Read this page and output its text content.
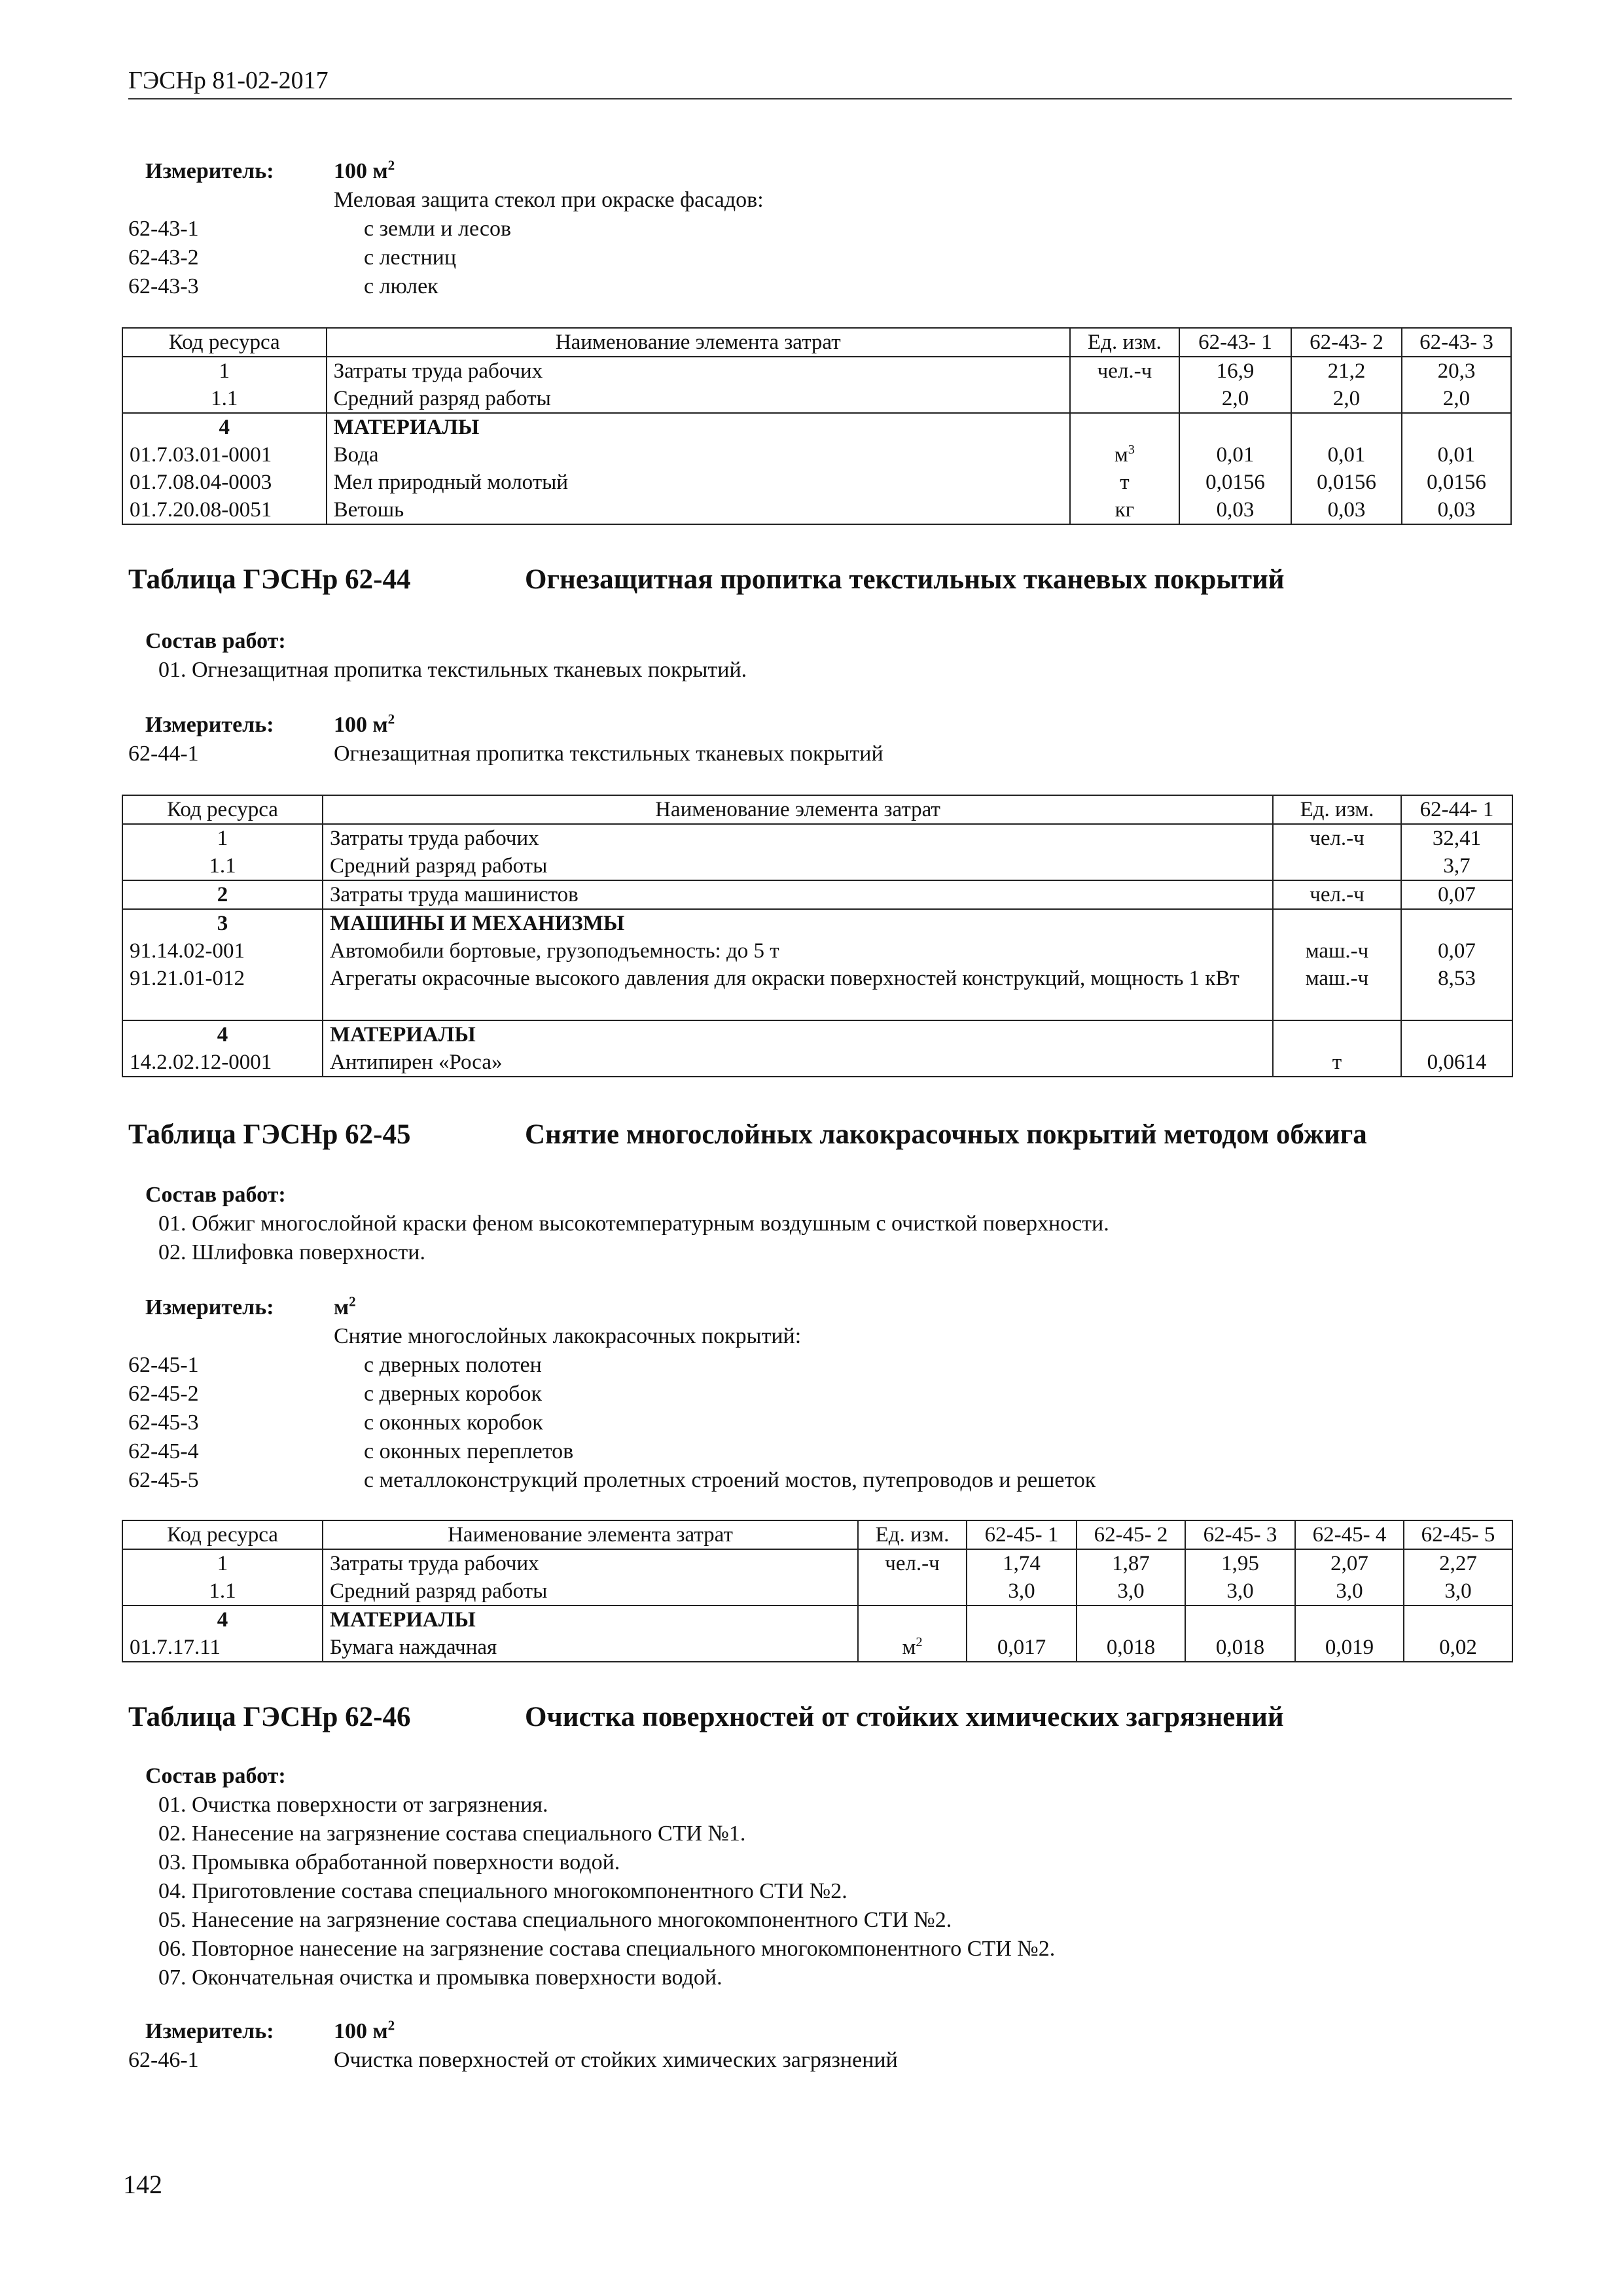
ГЭСНр 81-02-2017
Измеритель:	100 $м^2$
Меловая защита стекол при окраске фасадов:
62-43-1	с земли и лесов
62-43-2	с лестниц
62-43-3	с люлек
Код ресурса	Наименование элемента затрат	Ед. изм.	62-43- 1	62-43- 2	62-43- 3
1	Затраты труда рабочих	чел.-ч	16,9	21,2	20,3
1.1	Средний разряд работы		2,0	2,0	2,0
4	МАТЕРИАЛЫ				
01.7.03.01-0001	Вода	$м^3$	0,01	0,01	0,01
01.7.08.04-0003	Мел природный молотый	т	0,0156	0,0156	0,0156
01.7.20.08-0051	Ветошь	кг	0,03	0,03	0,03
Таблица ГЭСНр 62-44	Огнезащитная пропитка текстильных тканевых покрытий
Состав работ:
01. Огнезащитная пропитка текстильных тканевых покрытий.
Измеритель:	100 $м^2$
62-44-1	Огнезащитная пропитка текстильных тканевых покрытий
Код ресурса	Наименование элемента затрат	Ед. изм.	62-44- 1
1	Затраты труда рабочих	чел.-ч	32,41
1.1	Средний разряд работы		3,7
2	Затраты труда машинистов	чел.-ч	0,07
3	МАШИНЫ И МЕХАНИЗМЫ		
91.14.02-001	Автомобили бортовые, грузоподъемность: до 5 т	маш.-ч	0,07
91.21.01-012	Агрегаты окрасочные высокого давления для окраски поверхностей конструкций, мощность 1 кВт	маш.-ч	8,53
4	МАТЕРИАЛЫ		
14.2.02.12-0001	Антипирен «Роса»	т	0,0614
Таблица ГЭСНр 62-45	Снятие многослойных лакокрасочных покрытий методом обжига
Состав работ:
01. Обжиг многослойной краски феном высокотемпературным воздушным с очисткой поверхности.
02. Шлифовка поверхности.
Измеритель:	$м^2$
Снятие многослойных лакокрасочных покрытий:
62-45-1	с дверных полотен
62-45-2	с дверных коробок
62-45-3	с оконных коробок
62-45-4	с оконных переплетов
62-45-5	с металлоконструкций пролетных строений мостов, путепроводов и решеток
Код ресурса	Наименование элемента затрат	Ед. изм.	62-45- 1	62-45- 2	62-45- 3	62-45- 4	62-45- 5
1	Затраты труда рабочих	чел.-ч	1,74	1,87	1,95	2,07	2,27
1.1	Средний разряд работы		3,0	3,0	3,0	3,0	3,0
4	МАТЕРИАЛЫ						
01.7.17.11	Бумага наждачная	$м^2$	0,017	0,018	0,018	0,019	0,02
Таблица ГЭСНр 62-46	Очистка поверхностей от стойких химических загрязнений
Состав работ:
01. Очистка поверхности от загрязнения.
02. Нанесение на загрязнение состава специального СТИ №1.
03. Промывка обработанной поверхности водой.
04. Приготовление состава специального многокомпонентного СТИ №2.
05. Нанесение на загрязнение состава специального многокомпонентного СТИ №2.
06. Повторное нанесение на загрязнение состава специального многокомпонентного СТИ №2.
07. Окончательная очистка и промывка поверхности водой.
Измеритель:	100 $м^2$
62-46-1	Очистка поверхностей от стойких химических загрязнений
142
